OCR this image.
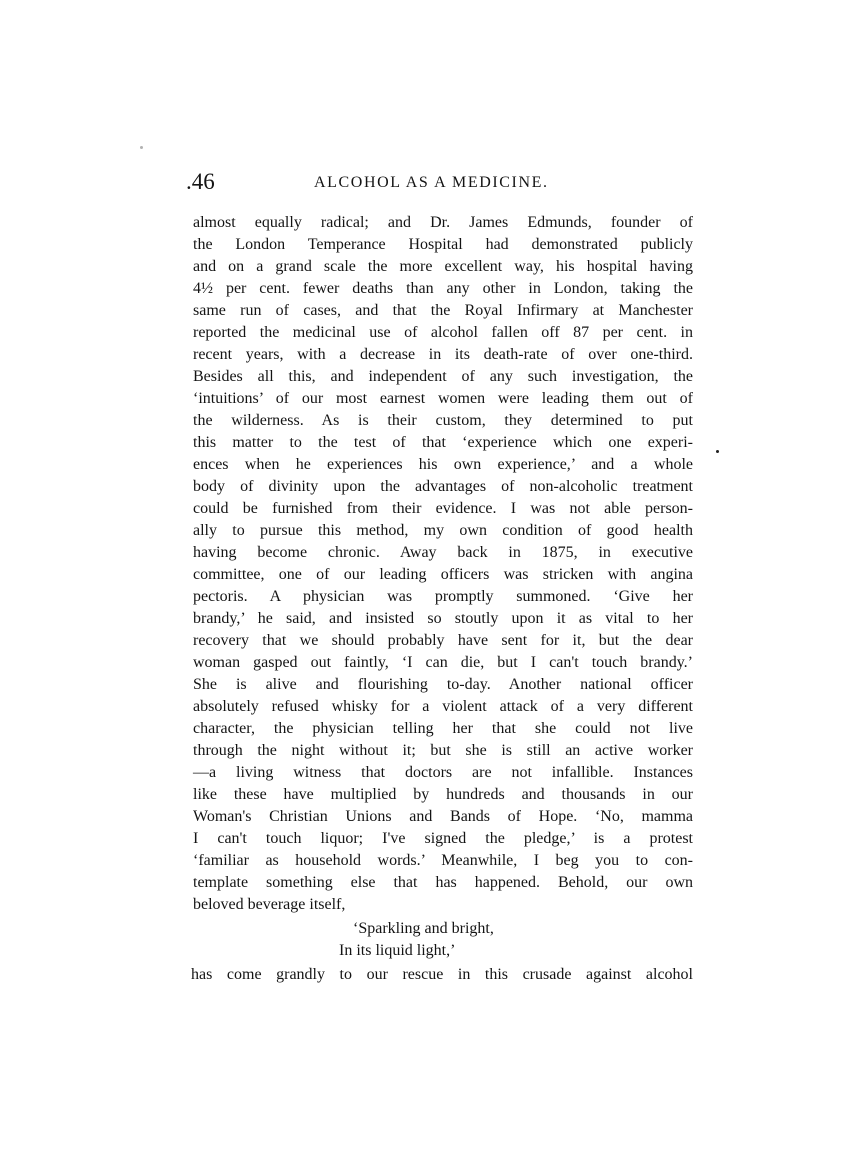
.46	ALCOHOL AS A MEDICINE.
almost equally radical; and Dr. James Edmunds, founder of
the London Temperance Hospital had demonstrated publicly
and on a grand scale the more excellent way, his hospital having
4½ per cent. fewer deaths than any other in London, taking the
same run of cases, and that the Royal Infirmary at Manchester
reported the medicinal use of alcohol fallen off 87 per cent. in
recent years, with a decrease in its death-rate of over one-third.
Besides all this, and independent of any such investigation, the
‘intuitions’ of our most earnest women were leading them out of
the wilderness. As is their custom, they determined to put
this matter to the test of that ‘experience which one experi-
ences when he experiences his own experience,’ and a whole
body of divinity upon the advantages of non-alcoholic treatment
could be furnished from their evidence. I was not able person-
ally to pursue this method, my own condition of good health
having become chronic. Away back in 1875, in executive
committee, one of our leading officers was stricken with angina
pectoris. A physician was promptly summoned. ‘Give her
brandy,’ he said, and insisted so stoutly upon it as vital to her
recovery that we should probably have sent for it, but the dear
woman gasped out faintly, ‘I can die, but I can't touch brandy.’
She is alive and flourishing to-day. Another national officer
absolutely refused whisky for a violent attack of a very different
character, the physician telling her that she could not live
through the night without it; but she is still an active worker
—a living witness that doctors are not infallible. Instances
like these have multiplied by hundreds and thousands in our
Woman's Christian Unions and Bands of Hope. ‘No, mamma
I can't touch liquor; I've signed the pledge,’ is a protest
‘familiar as household words.’ Meanwhile, I beg you to con-
template something else that has happened. Behold, our own
beloved beverage itself,
‘Sparkling and bright,
In its liquid light,’
has come grandly to our rescue in this crusade against alcohol
